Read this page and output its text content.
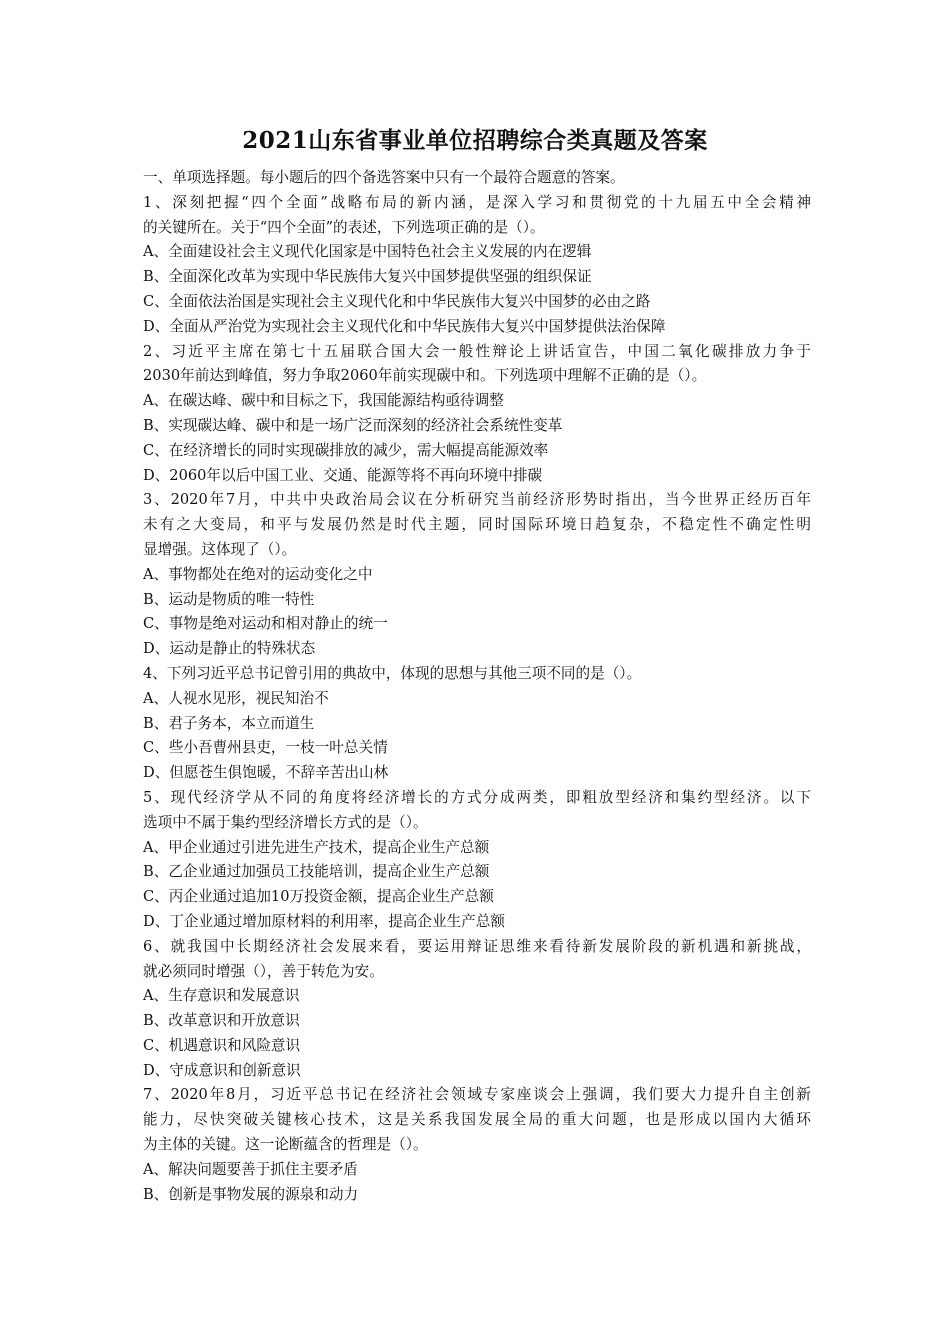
2021山东省事业单位招聘综合类真题及答案
一、单项选择题。每小题后的四个备选答案中只有一个最符合题意的答案。
1、深刻把握“四个全面”战略布局的新内涵，是深入学习和贯彻党的十九届五中全会精神
的关键所在。关于“四个全面”的表述，下列选项正确的是（）。
A、全面建设社会主义现代化国家是中国特色社会主义发展的内在逻辑
B、全面深化改革为实现中华民族伟大复兴中国梦提供坚强的组织保证
C、全面依法治国是实现社会主义现代化和中华民族伟大复兴中国梦的必由之路
D、全面从严治党为实现社会主义现代化和中华民族伟大复兴中国梦提供法治保障
2、习近平主席在第七十五届联合国大会一般性辩论上讲话宣告，中国二氧化碳排放力争于
2030年前达到峰值，努力争取2060年前实现碳中和。下列选项中理解不正确的是（）。
A、在碳达峰、碳中和目标之下，我国能源结构亟待调整
B、实现碳达峰、碳中和是一场广泛而深刻的经济社会系统性变革
C、在经济增长的同时实现碳排放的减少，需大幅提高能源效率
D、2060年以后中国工业、交通、能源等将不再向环境中排碳
3、2020年7月，中共中央政治局会议在分析研究当前经济形势时指出，当今世界正经历百年
未有之大变局，和平与发展仍然是时代主题，同时国际环境日趋复杂，不稳定性不确定性明
显增强。这体现了（）。
A、事物都处在绝对的运动变化之中
B、运动是物质的唯一特性
C、事物是绝对运动和相对静止的统一
D、运动是静止的特殊状态
4、下列习近平总书记曾引用的典故中，体现的思想与其他三项不同的是（）。
A、人视水见形，视民知治不
B、君子务本，本立而道生
C、些小吾曹州县吏，一枝一叶总关情
D、但愿苍生俱饱暖，不辞辛苦出山林
5、现代经济学从不同的角度将经济增长的方式分成两类，即粗放型经济和集约型经济。以下
选项中不属于集约型经济增长方式的是（）。
A、甲企业通过引进先进生产技术，提高企业生产总额
B、乙企业通过加强员工技能培训，提高企业生产总额
C、丙企业通过追加10万投资金额，提高企业生产总额
D、丁企业通过增加原材料的利用率，提高企业生产总额
6、就我国中长期经济社会发展来看，要运用辩证思维来看待新发展阶段的新机遇和新挑战，
就必须同时增强（），善于转危为安。
A、生存意识和发展意识
B、改革意识和开放意识
C、机遇意识和风险意识
D、守成意识和创新意识
7、2020年8月，习近平总书记在经济社会领域专家座谈会上强调，我们要大力提升自主创新
能力，尽快突破关键核心技术，这是关系我国发展全局的重大问题，也是形成以国内大循环
为主体的关键。这一论断蕴含的哲理是（）。
A、解决问题要善于抓住主要矛盾
B、创新是事物发展的源泉和动力
